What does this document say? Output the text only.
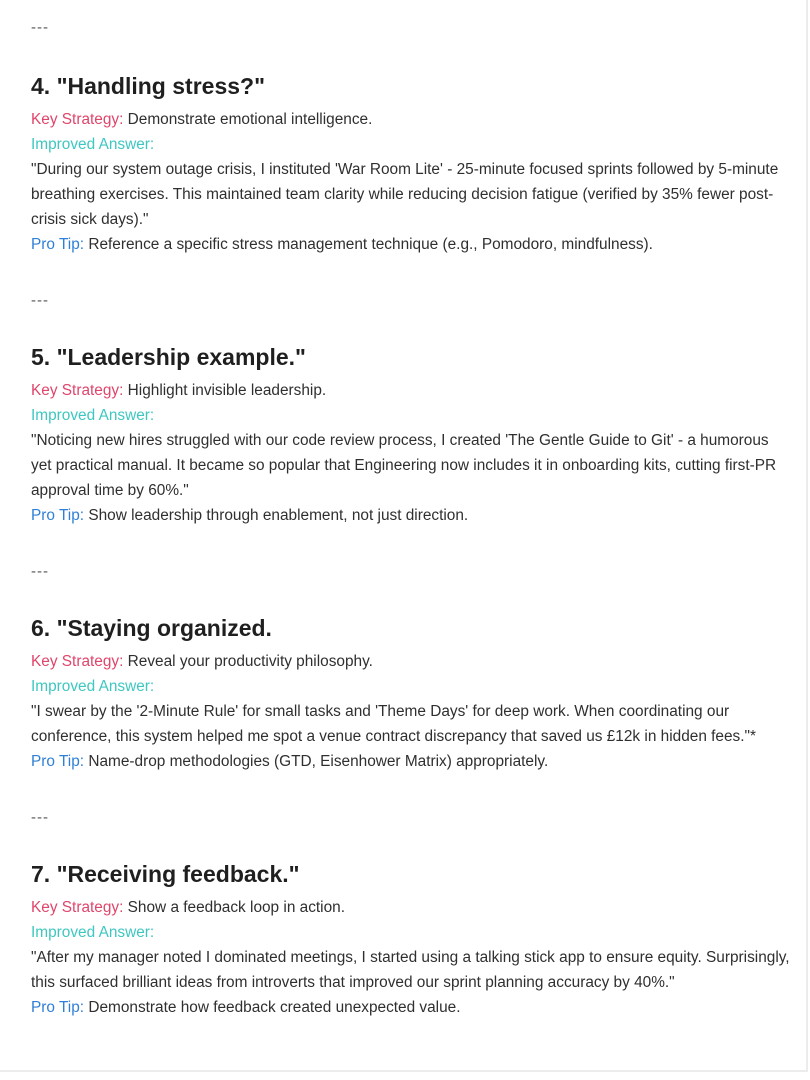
---
4. "Handling stress?"
Key Strategy: Demonstrate emotional intelligence.
Improved Answer:
"During our system outage crisis, I instituted 'War Room Lite' - 25-minute focused sprints followed by 5-minute breathing exercises. This maintained team clarity while reducing decision fatigue (verified by 35% fewer post-crisis sick days)."
Pro Tip: Reference a specific stress management technique (e.g., Pomodoro, mindfulness).
---
5. "Leadership example."
Key Strategy: Highlight invisible leadership.
Improved Answer:
"Noticing new hires struggled with our code review process, I created 'The Gentle Guide to Git' - a humorous yet practical manual. It became so popular that Engineering now includes it in onboarding kits, cutting first-PR approval time by 60%."
Pro Tip: Show leadership through enablement, not just direction.
---
6. "Staying organized.
Key Strategy: Reveal your productivity philosophy.
Improved Answer:
"I swear by the '2-Minute Rule' for small tasks and 'Theme Days' for deep work. When coordinating our conference, this system helped me spot a venue contract discrepancy that saved us £12k in hidden fees."*
Pro Tip: Name-drop methodologies (GTD, Eisenhower Matrix) appropriately.
---
7. "Receiving feedback."
Key Strategy: Show a feedback loop in action.
Improved Answer:
"After my manager noted I dominated meetings, I started using a talking stick app to ensure equity. Surprisingly, this surfaced brilliant ideas from introverts that improved our sprint planning accuracy by 40%."
Pro Tip: Demonstrate how feedback created unexpected value.
